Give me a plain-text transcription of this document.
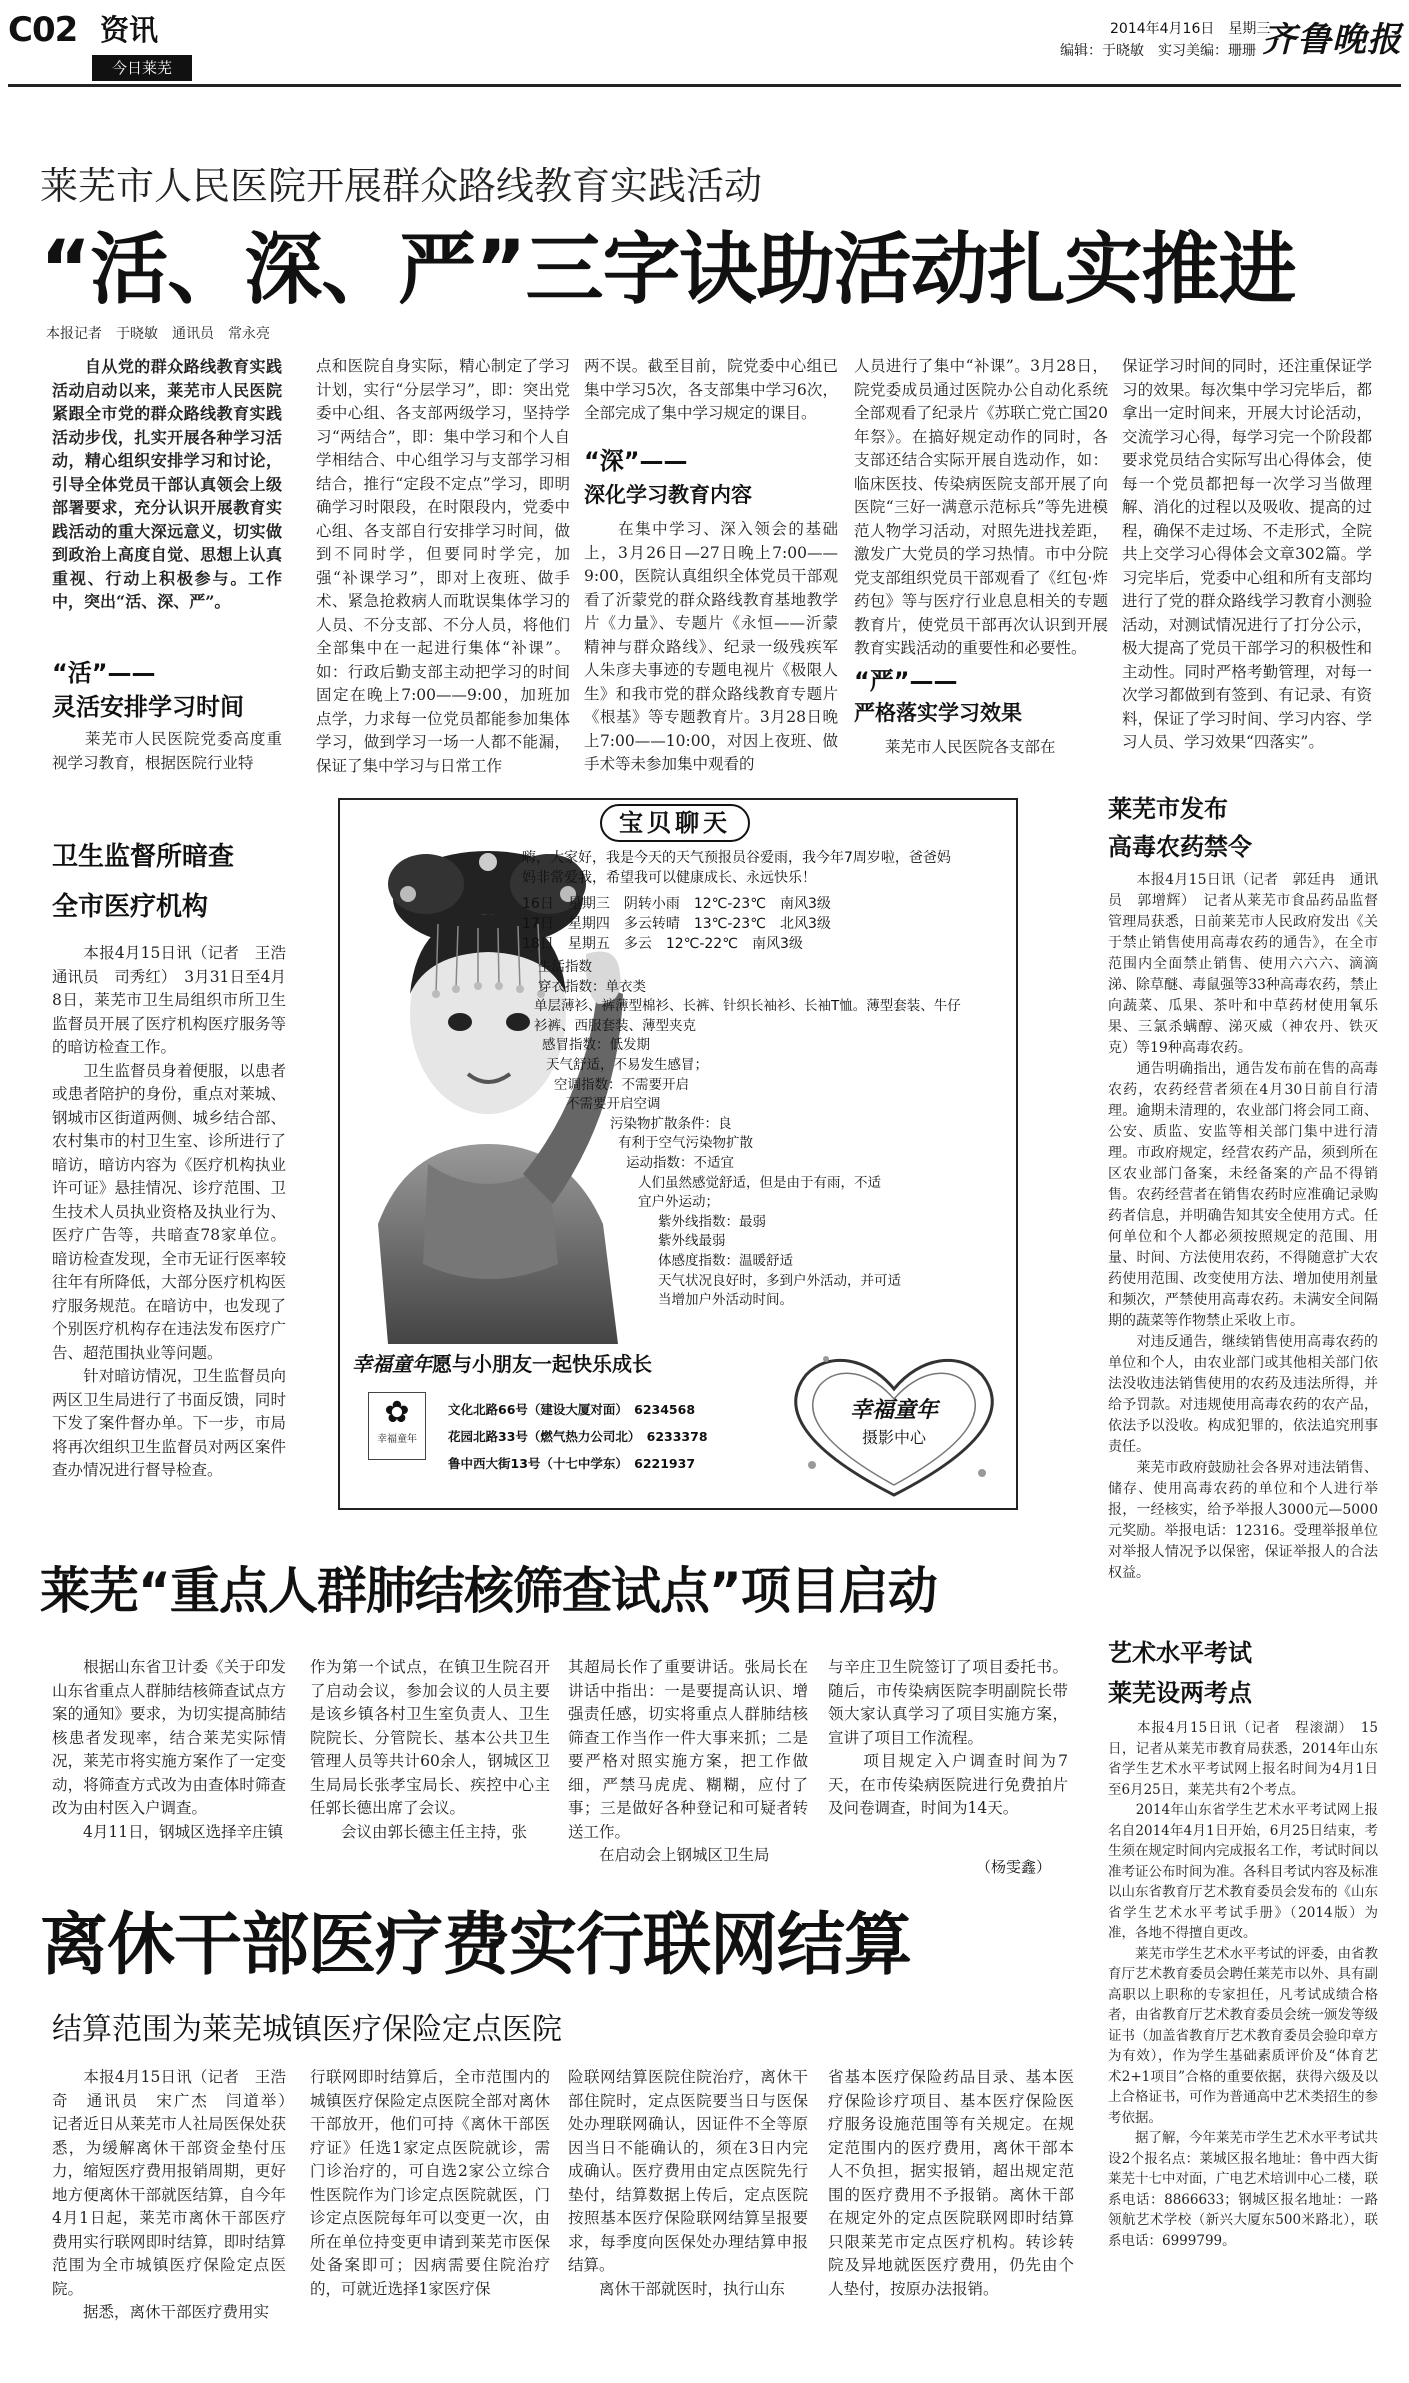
C02 资讯
今日莱芜
2014年4月16日　星期三
编辑：于晓敏　实习美编：珊珊 齐鲁晚报
莱芜市人民医院开展群众路线教育实践活动
“活、深、严”三字诀助活动扎实推进
本报记者　于晓敏　通讯员　常永亮
　　自从党的群众路线教育实践活动启动以来，莱芜市人民医院紧跟全市党的群众路线教育实践活动步伐，扎实开展各种学习活动，精心组织安排学习和讨论，引导全体党员干部认真领会上级部署要求，充分认识开展教育实践活动的重大深远意义，切实做到政治上高度自觉、思想上认真重视、行动上积极参与。工作中，突出“活、深、严”。
“活”——
灵活安排学习时间
　　莱芜市人民医院党委高度重视学习教育，根据医院行业特
点和医院自身实际，精心制定了学习计划，实行“分层学习”，即：突出党委中心组、各支部两级学习，坚持学习“两结合”，即：集中学习和个人自学相结合、中心组学习与支部学习相结合，推行“定段不定点”学习，即明确学习时限段，在时限段内，党委中心组、各支部自行安排学习时间，做到不同时学，但要同时学完，加强“补课学习”，即对上夜班、做手术、紧急抢救病人而耽误集体学习的人员、不分支部、不分人员，将他们全部集中在一起进行集体“补课”。如：行政后勤支部主动把学习的时间固定在晚上7:00——9:00，加班加点学，力求每一位党员都能参加集体学习，做到学习一场一人都不能漏，保证了集中学习与日常工作
两不误。截至目前，院党委中心组已集中学习5次，各支部集中学习6次，全部完成了集中学习规定的课目。
“深”——
深化学习教育内容
　　在集中学习、深入领会的基础上，3月26日—27日晚上7:00——9:00，医院认真组织全体党员干部观看了沂蒙党的群众路线教育基地教学片《力量》、专题片《永恒——沂蒙精神与群众路线》、纪录一级残疾军人朱彦夫事迹的专题电视片《极限人生》和我市党的群众路线教育专题片《根基》等专题教育片。3月28日晚上7:00——10:00，对因上夜班、做手术等未参加集中观看的
人员进行了集中“补课”。3月28日，院党委成员通过医院办公自动化系统全部观看了纪录片《苏联亡党亡国20年祭》。在搞好规定动作的同时，各支部还结合实际开展自选动作，如：临床医技、传染病医院支部开展了向医院“三好一满意示范标兵”等先进模范人物学习活动，对照先进找差距，激发广大党员的学习热情。市中分院党支部组织党员干部观看了《红包·炸药包》等与医疗行业息息相关的专题教育片，使党员干部再次认识到开展教育实践活动的重要性和必要性。
“严”——
严格落实学习效果
　　莱芜市人民医院各支部在
保证学习时间的同时，还注重保证学习的效果。每次集中学习完毕后，都拿出一定时间来，开展大讨论活动，交流学习心得，每学习完一个阶段都要求党员结合实际写出心得体会，使每一个党员都把每一次学习当做理解、消化的过程以及吸收、提高的过程，确保不走过场、不走形式，全院共上交学习心得体会文章302篇。学习完毕后，党委中心组和所有支部均进行了党的群众路线学习教育小测验活动，对测试情况进行了打分公示，极大提高了党员干部学习的积极性和主动性。同时严格考勤管理，对每一次学习都做到有签到、有记录、有资料，保证了学习时间、学习内容、学习人员、学习效果“四落实”。
卫生监督所暗查
全市医疗机构
　　本报4月15日讯（记者　王浩　通讯员　司秀红）　3月31日至4月8日，莱芜市卫生局组织市所卫生监督员开展了医疗机构医疗服务等的暗访检查工作。
　　卫生监督员身着便服，以患者或患者陪护的身份，重点对莱城、钢城市区街道两侧、城乡结合部、农村集市的村卫生室、诊所进行了暗访，暗访内容为《医疗机构执业许可证》悬挂情况、诊疗范围、卫生技术人员执业资格及执业行为、医疗广告等，共暗查78家单位。暗访检查发现，全市无证行医率较往年有所降低，大部分医疗机构医疗服务规范。在暗访中，也发现了个别医疗机构存在违法发布医疗广告、超范围执业等问题。
　　针对暗访情况，卫生监督员向两区卫生局进行了书面反馈，同时下发了案件督办单。下一步，市局将再次组织卫生监督员对两区案件查办情况进行督导检查。
宝贝聊天
嗨，大家好，我是今天的天气预报员谷爱雨，我今年7周岁啦，爸爸妈妈非常爱我，希望我可以健康成长、永远快乐！
16日　星期三　阴转小雨　12℃-23℃　南风3级
17日　星期四　多云转晴　13℃-23℃　北风3级
18日　星期五　多云　12℃-22℃　南风3级
生活指数
穿衣指数：单衣类
单层薄衫、裤薄型棉衫、长裤、针织长袖衫、长袖T恤。薄型套装、牛仔衫裤、西服套装、薄型夹克
感冒指数：低发期
天气舒适，不易发生感冒；
空调指数：不需要开启
不需要开启空调
污染物扩散条件：良
有利于空气污染物扩散
运动指数：不适宜
人们虽然感觉舒适，但是由于有雨，不适宜户外运动；
紫外线指数：最弱
紫外线最弱
体感度指数：温暖舒适
天气状况良好时，多到户外活动，并可适当增加户外活动时间。
幸福童年愿与小朋友一起快乐成长
✿
幸福童年
文化北路66号（建设大厦对面）　6234568
花园北路33号（燃气热力公司北）　6233378
鲁中西大街13号（十七中学东）　6221937
幸福童年
摄影中心
莱芜市发布
高毒农药禁令
　　本报4月15日讯（记者　郭廷冉　通讯员　郭增辉）　记者从莱芜市食品药品监督管理局获悉，日前莱芜市人民政府发出《关于禁止销售使用高毒农药的通告》，在全市范围内全面禁止销售、使用六六六、滴滴涕、除草醚、毒鼠强等33种高毒农药，禁止向蔬菜、瓜果、茶叶和中草药材使用氧乐果、三氯杀螨醇、涕灭威（神农丹、铁灭克）等19种高毒农药。
　　通告明确指出，通告发布前在售的高毒农药，农药经营者须在4月30日前自行清理。逾期未清理的，农业部门将会同工商、公安、质监、安监等相关部门集中进行清理。市政府规定，经营农药产品，须到所在区农业部门备案，未经备案的产品不得销售。农药经营者在销售农药时应准确记录购药者信息，并明确告知其安全使用方式。任何单位和个人都必须按照规定的范围、用量、时间、方法使用农药，不得随意扩大农药使用范围、改变使用方法、增加使用剂量和频次，严禁使用高毒农药。未满安全间隔期的蔬菜等作物禁止采收上市。
　　对违反通告，继续销售使用高毒农药的单位和个人，由农业部门或其他相关部门依法没收违法销售使用的农药及违法所得，并给予罚款。对违规使用高毒农药的农产品，依法予以没收。构成犯罪的，依法追究刑事责任。
　　莱芜市政府鼓励社会各界对违法销售、储存、使用高毒农药的单位和个人进行举报，一经核实，给予举报人3000元—5000元奖励。举报电话：12316。受理举报单位对举报人情况予以保密，保证举报人的合法权益。
莱芜“重点人群肺结核筛查试点”项目启动
　　根据山东省卫计委《关于印发山东省重点人群肺结核筛查试点方案的通知》要求，为切实提高肺结核患者发现率，结合莱芜实际情况，莱芜市将实施方案作了一定变动，将筛查方式改为由查体时筛查改为由村医入户调查。
　　4月11日，钢城区选择辛庄镇
作为第一个试点，在镇卫生院召开了启动会议，参加会议的人员主要是该乡镇各村卫生室负责人、卫生院院长、分管院长、基本公共卫生管理人员等共计60余人，钢城区卫生局局长张孝宝局长、疾控中心主任郭长德出席了会议。
　　会议由郭长德主任主持，张
其超局长作了重要讲话。张局长在讲话中指出：一是要提高认识、增强责任感，切实将重点人群肺结核筛查工作当作一件大事来抓；二是要严格对照实施方案，把工作做细，严禁马虎虎、糊糊，应付了事；三是做好各种登记和可疑者转送工作。
　　在启动会上钢城区卫生局
与辛庄卫生院签订了项目委托书。随后，市传染病医院李明副院长带领大家认真学习了项目实施方案，宣讲了项目工作流程。
　　项目规定入户调查时间为7天，在市传染病医院进行免费拍片及问卷调查，时间为14天。
（杨雯鑫）
艺术水平考试
莱芜设两考点
　　本报4月15日讯（记者　程滚湖）　15日，记者从莱芜市教育局获悉，2014年山东省学生艺术水平考试网上报名时间为4月1日至6月25日，莱芜共有2个考点。
　　2014年山东省学生艺术水平考试网上报名自2014年4月1日开始，6月25日结束，考生须在规定时间内完成报名工作，考试时间以准考证公布时间为准。各科目考试内容及标准以山东省教育厅艺术教育委员会发布的《山东省学生艺术水平考试手册》（2014版）为准，各地不得擅自更改。
　　莱芜市学生艺术水平考试的评委，由省教育厅艺术教育委员会聘任莱芜市以外、具有副高职以上职称的专家担任，凡考试成绩合格者，由省教育厅艺术教育委员会统一颁发等级证书（加盖省教育厅艺术教育委员会验印章方为有效），作为学生基础素质评价及“体育艺术2+1项目”合格的重要依据，获得六级及以上合格证书，可作为普通高中艺术类招生的参考依据。
　　据了解，今年莱芜市学生艺术水平考试共设2个报名点：莱城区报名地址：鲁中西大街莱芜十七中对面，广电艺术培训中心二楼，联系电话：8866633；钢城区报名地址：一路领航艺术学校（新兴大厦东500米路北），联系电话：6999799。
离休干部医疗费实行联网结算
结算范围为莱芜城镇医疗保险定点医院
　　本报4月15日讯（记者　王浩奇　通讯员　宋广杰　闫道举）　记者近日从莱芜市人社局医保处获悉，为缓解离休干部资金垫付压力，缩短医疗费用报销周期，更好地方便离休干部就医结算，自今年4月1日起，莱芜市离休干部医疗费用实行联网即时结算，即时结算范围为全市城镇医疗保险定点医院。
　　据悉，离休干部医疗费用实
行联网即时结算后，全市范围内的城镇医疗保险定点医院全部对离休干部放开，他们可持《离休干部医疗证》任选1家定点医院就诊，需门诊治疗的，可自选2家公立综合性医院作为门诊定点医院就医，门诊定点医院每年可以变更一次，由所在单位持变更申请到莱芜市医保处备案即可；因病需要住院治疗的，可就近选择1家医疗保
险联网结算医院住院治疗，离休干部住院时，定点医院要当日与医保处办理联网确认，因证件不全等原因当日不能确认的，须在3日内完成确认。医疗费用由定点医院先行垫付，结算数据上传后，定点医院按照基本医疗保险联网结算呈报要求，每季度向医保处办理结算申报结算。
　　离休干部就医时，执行山东
省基本医疗保险药品目录、基本医疗保险诊疗项目、基本医疗保险医疗服务设施范围等有关规定。在规定范围内的医疗费用，离休干部本人不负担，据实报销，超出规定范围的医疗费用不予报销。离休干部在规定外的定点医院联网即时结算只限莱芜市定点医疗机构。转诊转院及异地就医医疗费用，仍先由个人垫付，按原办法报销。
